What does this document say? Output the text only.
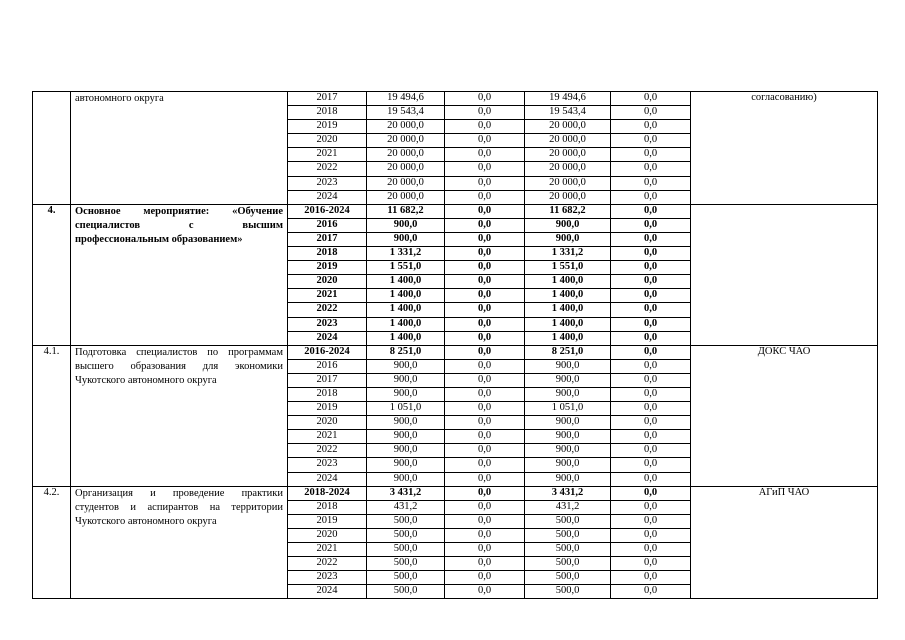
	автономного округа	2017	19 494,6	0,0	19 494,6	0,0	согласованию)
		2018	19 543,4	0,0	19 543,4	0,0	
		2019	20 000,0	0,0	20 000,0	0,0	
		2020	20 000,0	0,0	20 000,0	0,0	
		2021	20 000,0	0,0	20 000,0	0,0	
		2022	20 000,0	0,0	20 000,0	0,0	
		2023	20 000,0	0,0	20 000,0	0,0	
		2024	20 000,0	0,0	20 000,0	0,0	
4.	Основное мероприятие: «Обучение специалистов с высшим профессиональным образованием»	2016-2024	11 682,2	0,0	11 682,2	0,0	
		2016	900,0	0,0	900,0	0,0	
		2017	900,0	0,0	900,0	0,0	
		2018	1 331,2	0,0	1 331,2	0,0	
		2019	1 551,0	0,0	1 551,0	0,0	
		2020	1 400,0	0,0	1 400,0	0,0	
		2021	1 400,0	0,0	1 400,0	0,0	
		2022	1 400,0	0,0	1 400,0	0,0	
		2023	1 400,0	0,0	1 400,0	0,0	
		2024	1 400,0	0,0	1 400,0	0,0	
4.1.	Подготовка специалистов по программам высшего образования для экономики Чукотского автономного округа	2016-2024	8 251,0	0,0	8 251,0	0,0	ДОКС ЧАО
		2016	900,0	0,0	900,0	0,0	
		2017	900,0	0,0	900,0	0,0	
		2018	900,0	0,0	900,0	0,0	
		2019	1 051,0	0,0	1 051,0	0,0	
		2020	900,0	0,0	900,0	0,0	
		2021	900,0	0,0	900,0	0,0	
		2022	900,0	0,0	900,0	0,0	
		2023	900,0	0,0	900,0	0,0	
		2024	900,0	0,0	900,0	0,0	
4.2.	Организация и проведение практики студентов и аспирантов на территории Чукотского автономного округа	2018-2024	3 431,2	0,0	3 431,2	0,0	АГиП ЧАО
		2018	431,2	0,0	431,2	0,0	
		2019	500,0	0,0	500,0	0,0	
		2020	500,0	0,0	500,0	0,0	
		2021	500,0	0,0	500,0	0,0	
		2022	500,0	0,0	500,0	0,0	
		2023	500,0	0,0	500,0	0,0	
		2024	500,0	0,0	500,0	0,0	
